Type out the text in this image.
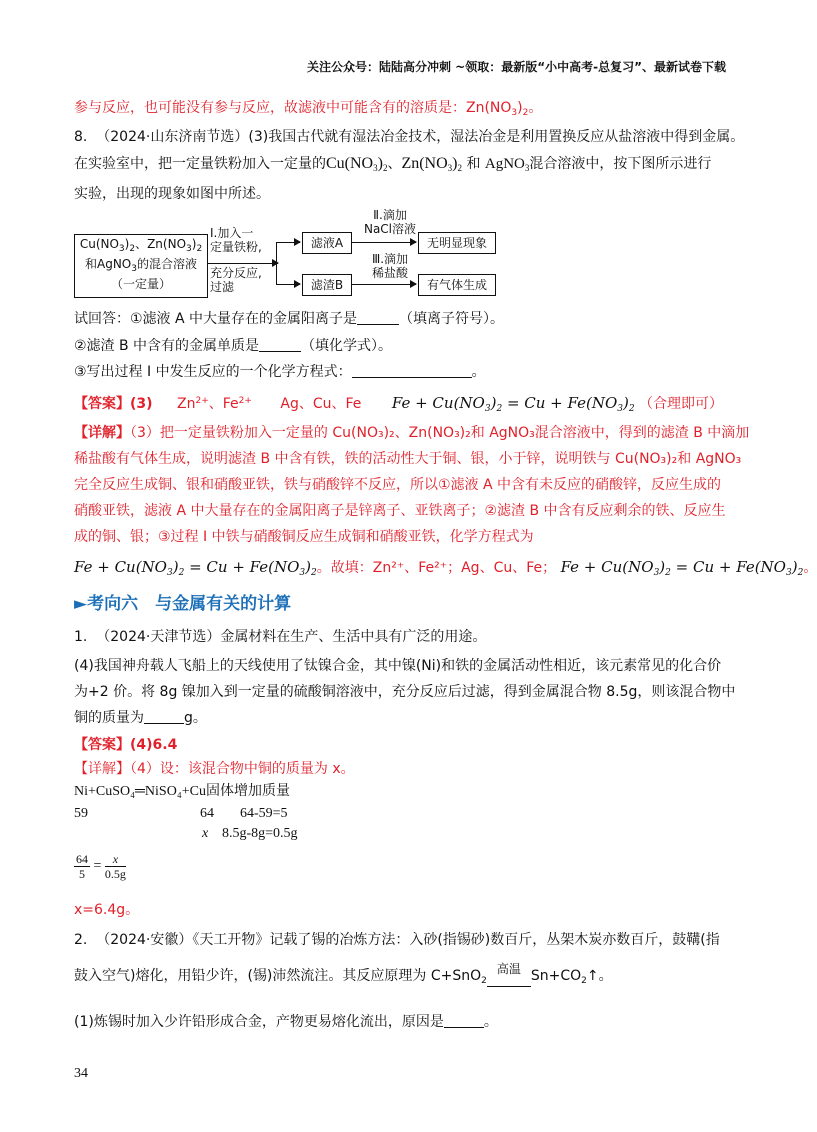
关注公众号：陆陆高分冲刺 ~领取：最新版“小中高考-总复习”、最新试卷下载
参与反应，也可能没有参与反应，故滤液中可能含有的溶质是：$Zn(NO_3)_2$。
8. （2024·山东济南节选）(3)我国古代就有湿法冶金技术，湿法冶金是利用置换反应从盐溶液中得到金属。
在实验室中，把一定量铁粉加入一定量的$Cu(NO_3)_2$、$Zn(NO_3)_2$ 和 AgNO$_3$混合溶液中，按下图所示进行
实验，出现的现象如图中所述。
$Cu(NO_3)_2$、$Zn(NO_3)_2$
和AgNO$_3$的混合溶液
（一定量）
Ⅰ.加入一
定量铁粉,
充分反应,
过滤
滤液A
滤渣B
Ⅱ.滴加
NaCl溶液
Ⅲ.滴加
稀盐酸
无明显现象
有气体生成
试回答：①滤液 A 中大量存在的金属阳离子是	（填离子符号）。
②滤渣 B 中含有的金属单质是	（填化学式）。
③写出过程 I 中发生反应的一个化学方程式：	。
【答案】(3) $Zn^{2+}$、$Fe^{2+}$ Ag、Cu、Fe $Fe + Cu(NO_3)_2 = Cu + Fe(NO_3)_2$ （合理即可）
【详解】（3）把一定量铁粉加入一定量的 Cu(NO₃)₂、Zn(NO₃)₂和 AgNO₃混合溶液中，得到的滤渣 B 中滴加
稀盐酸有气体生成，说明滤渣 B 中含有铁，铁的活动性大于铜、银，小于锌，说明铁与 Cu(NO₃)₂和 AgNO₃
完全反应生成铜、银和硝酸亚铁，铁与硝酸锌不反应，所以①滤液 A 中含有未反应的硝酸锌，反应生成的
硝酸亚铁，滤液 A 中大量存在的金属阳离子是锌离子、亚铁离子；②滤渣 B 中含有反应剩余的铁、反应生
成的铜、银；③过程 I 中铁与硝酸铜反应生成铜和硝酸亚铁，化学方程式为
$Fe + Cu(NO_3)_2 = Cu + Fe(NO_3)_2$。故填：Zn²⁺、Fe²⁺；Ag、Cu、Fe； $Fe + Cu(NO_3)_2 = Cu + Fe(NO_3)_2$。
►考向六　与金属有关的计算
1. （2024·天津节选）金属材料在生产、生活中具有广泛的用途。
(4)我国神舟载人飞船上的天线使用了钛镍合金，其中镍(Ni)和铁的金属活动性相近，该元素常见的化合价
为+2 价。将 8g 镍加入到一定量的硫酸铜溶液中，充分反应后过滤，得到金属混合物 8.5g，则该混合物中
铜的质量为	g。
【答案】(4)6.4
【详解】（4）设：该混合物中铜的质量为 x。
Ni+CuSO₄═NiSO₄+Cu固体增加质量
59	64 64-59=5
x 8.5g-8g=0.5g
$\frac{64}{5} = \frac{x}{0.5g}$
x=6.4g。
2. （2024·安徽）《天工开物》记载了锡的冶炼方法：入砂(指锡砂)数百斤，丛架木炭亦数百斤，鼓鞲(指
鼓入空气)熔化，用铅少许，(锡)沛然流注。其反应原理为 C+SnO$_2$
高温 $Sn+CO_2↑$。
(1)炼锡时加入少许铅形成合金，产物更易熔化流出，原因是	。
34
